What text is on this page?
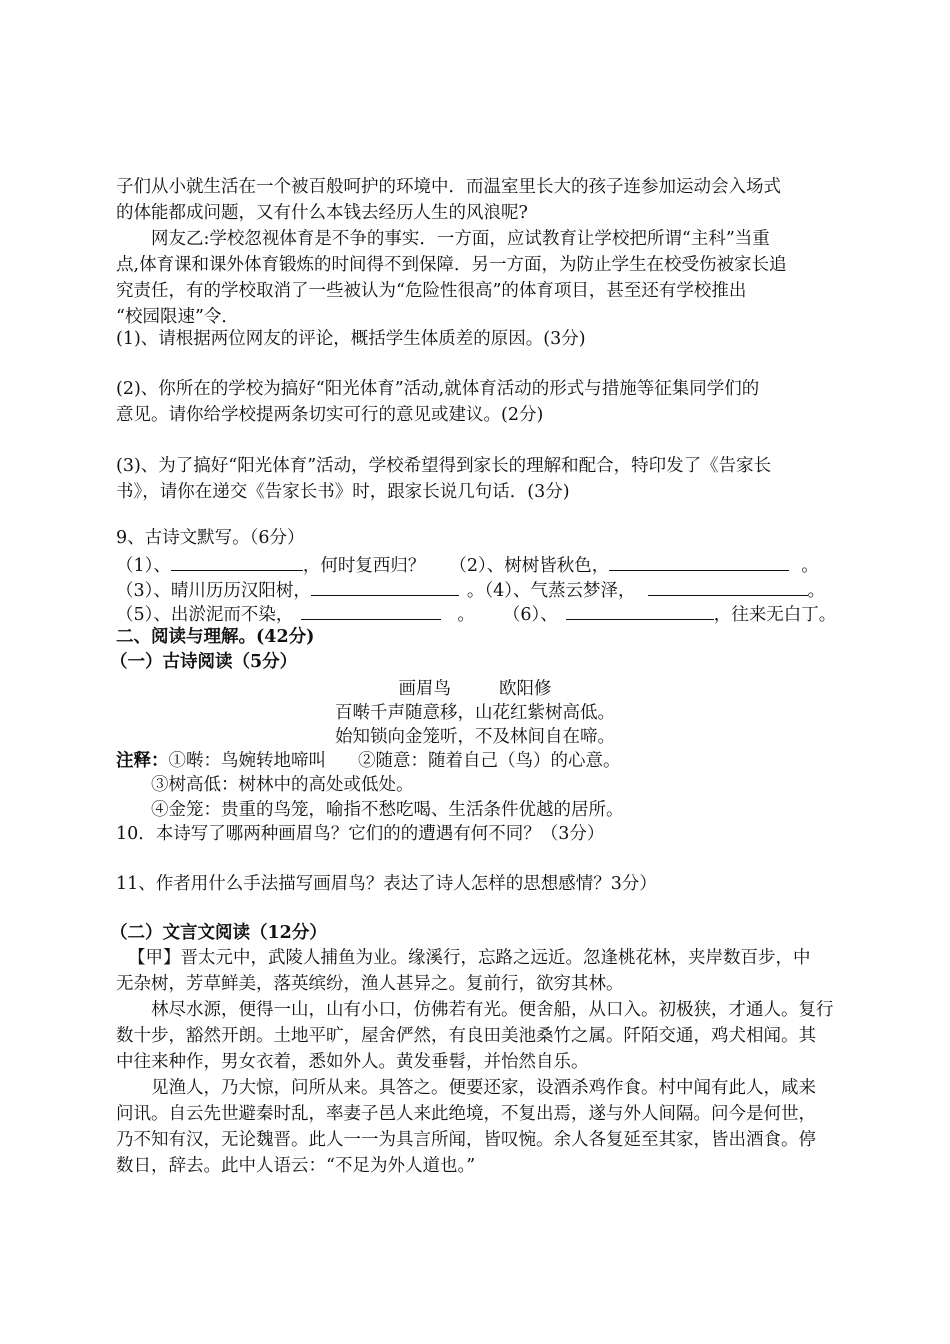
子们从小就生活在一个被百般呵护的环境中．而温室里长大的孩子连参加运动会入场式
的体能都成问题，又有什么本钱去经历人生的风浪呢?
网友乙:学校忽视体育是不争的事实．一方面，应试教育让学校把所谓“主科”当重
点,体育课和课外体育锻炼的时间得不到保障．另一方面，为防止学生在校受伤被家长追
究责任，有的学校取消了一些被认为“危险性很高”的体育项目，甚至还有学校推出
“校园限速”令．
(1)、请根据两位网友的评论，概括学生体质差的原因。(3分)
(2)、你所在的学校为搞好“阳光体育”活动,就体育活动的形式与措施等征集同学们的
意见。请你给学校提两条切实可行的意见或建议。(2分)
(3)、为了搞好“阳光体育”活动，学校希望得到家长的理解和配合，特印发了《告家长
书》，请你在递交《告家长书》时，跟家长说几句话．(3分)
9、古诗文默写。（6分）
（1）、	，何时复西归？ （2）、树树皆秋色，	。
（3）、晴川历历汉阳树，	。（4）、气蒸云梦泽，	。
（5）、出淤泥而不染，	。 （6）、	，往来无白丁。
二、阅读与理解。(42分)
（一）古诗阅读（5分）
画眉鸟	欧阳修
百啭千声随意移，山花红紫树高低。
始知锁向金笼听，不及林间自在啼。
注释：①啭：鸟婉转地啼叫 ②随意：随着自己（鸟）的心意。
③树高低：树林中的高处或低处。
④金笼：贵重的鸟笼，喻指不愁吃喝、生活条件优越的居所。
10．本诗写了哪两种画眉鸟？它们的的遭遇有何不同？（3分）
11、作者用什么手法描写画眉鸟？表达了诗人怎样的思想感情？3分）
（二）文言文阅读（12分）
【甲】晋太元中，武陵人捕鱼为业。缘溪行，忘路之远近。忽逢桃花林，夹岸数百步，中
无杂树，芳草鲜美，落英缤纷，渔人甚异之。复前行，欲穷其林。
林尽水源，便得一山，山有小口，仿佛若有光。便舍船，从口入。初极狭，才通人。复行
数十步，豁然开朗。土地平旷，屋舍俨然，有良田美池桑竹之属。阡陌交通，鸡犬相闻。其
中往来种作，男女衣着，悉如外人。黄发垂髫，并怡然自乐。
见渔人，乃大惊，问所从来。具答之。便要还家，设酒杀鸡作食。村中闻有此人，咸来
问讯。自云先世避秦时乱，率妻子邑人来此绝境，不复出焉，遂与外人间隔。问今是何世，
乃不知有汉，无论魏晋。此人一一为具言所闻，皆叹惋。余人各复延至其家，皆出酒食。停
数日，辞去。此中人语云：“不足为外人道也。”
